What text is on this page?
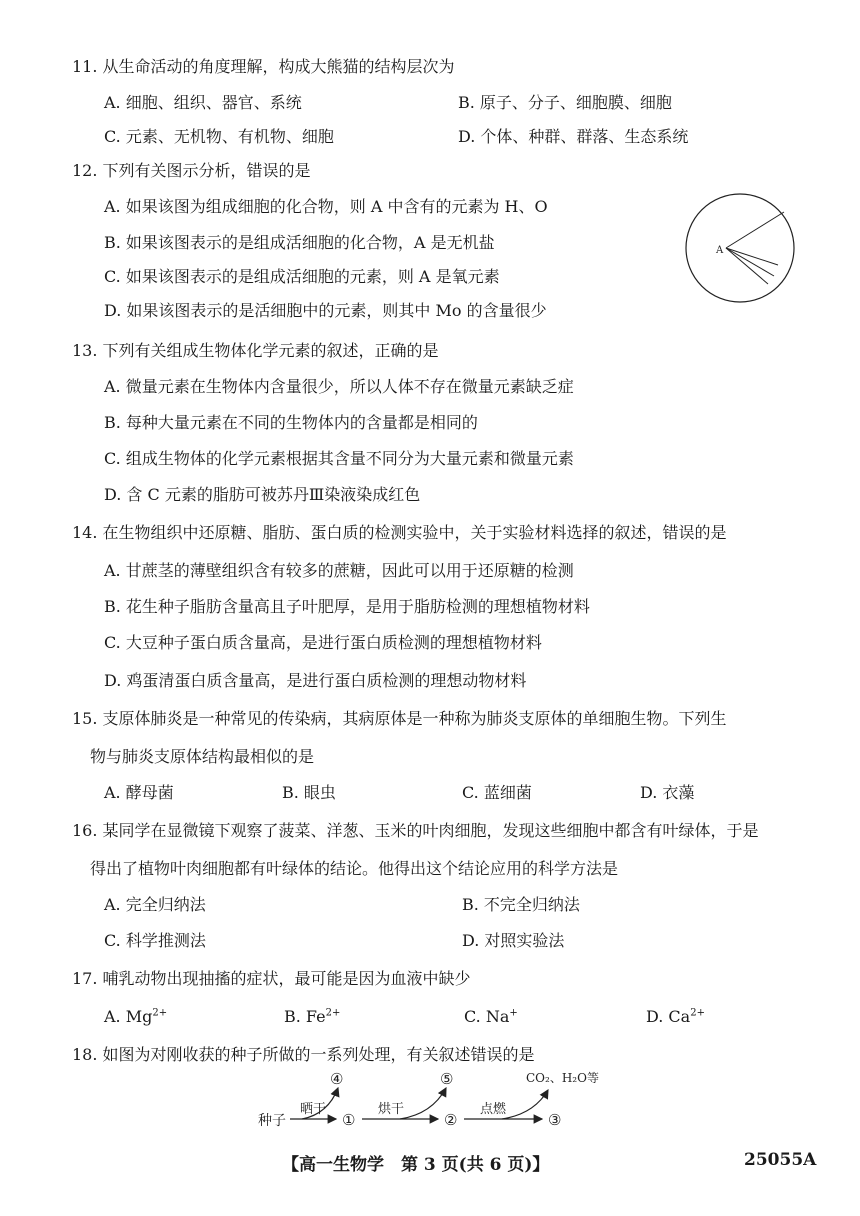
11. 从生命活动的角度理解，构成大熊猫的结构层次为
A. 细胞、组织、器官、系统	B. 原子、分子、细胞膜、细胞
C. 元素、无机物、有机物、细胞	D. 个体、种群、群落、生态系统
12. 下列有关图示分析，错误的是
A. 如果该图为组成细胞的化合物，则 A 中含有的元素为 H、O
B. 如果该图表示的是组成活细胞的化合物，A 是无机盐
C. 如果该图表示的是组成活细胞的元素，则 A 是氧元素
D. 如果该图表示的是活细胞中的元素，则其中 Mo 的含量很少
A
13. 下列有关组成生物体化学元素的叙述，正确的是
A. 微量元素在生物体内含量很少，所以人体不存在微量元素缺乏症
B. 每种大量元素在不同的生物体内的含量都是相同的
C. 组成生物体的化学元素根据其含量不同分为大量元素和微量元素
D. 含 C 元素的脂肪可被苏丹Ⅲ染液染成红色
14. 在生物组织中还原糖、脂肪、蛋白质的检测实验中，关于实验材料选择的叙述，错误的是
A. 甘蔗茎的薄壁组织含有较多的蔗糖，因此可以用于还原糖的检测
B. 花生种子脂肪含量高且子叶肥厚，是用于脂肪检测的理想植物材料
C. 大豆种子蛋白质含量高，是进行蛋白质检测的理想植物材料
D. 鸡蛋清蛋白质含量高，是进行蛋白质检测的理想动物材料
15. 支原体肺炎是一种常见的传染病，其病原体是一种称为肺炎支原体的单细胞生物。下列生
物与肺炎支原体结构最相似的是
A. 酵母菌	B. 眼虫	C. 蓝细菌	D. 衣藻
16. 某同学在显微镜下观察了菠菜、洋葱、玉米的叶肉细胞，发现这些细胞中都含有叶绿体，于是
得出了植物叶肉细胞都有叶绿体的结论。他得出这个结论应用的科学方法是
A. 完全归纳法	B. 不完全归纳法
C. 科学推测法	D. 对照实验法
17. 哺乳动物出现抽搐的症状，最可能是因为血液中缺少
A. $Mg^{2+}$	B. $Fe^{2+}$	C. Na+	D. $Ca^{2+}$
18. 如图为对刚收获的种子所做的一系列处理，有关叙述错误的是
种子
晒干
④
①
烘干
⑤
②
点燃
CO₂、H₂O等
③
【高一生物学　第 3 页(共 6 页)】	25055A
